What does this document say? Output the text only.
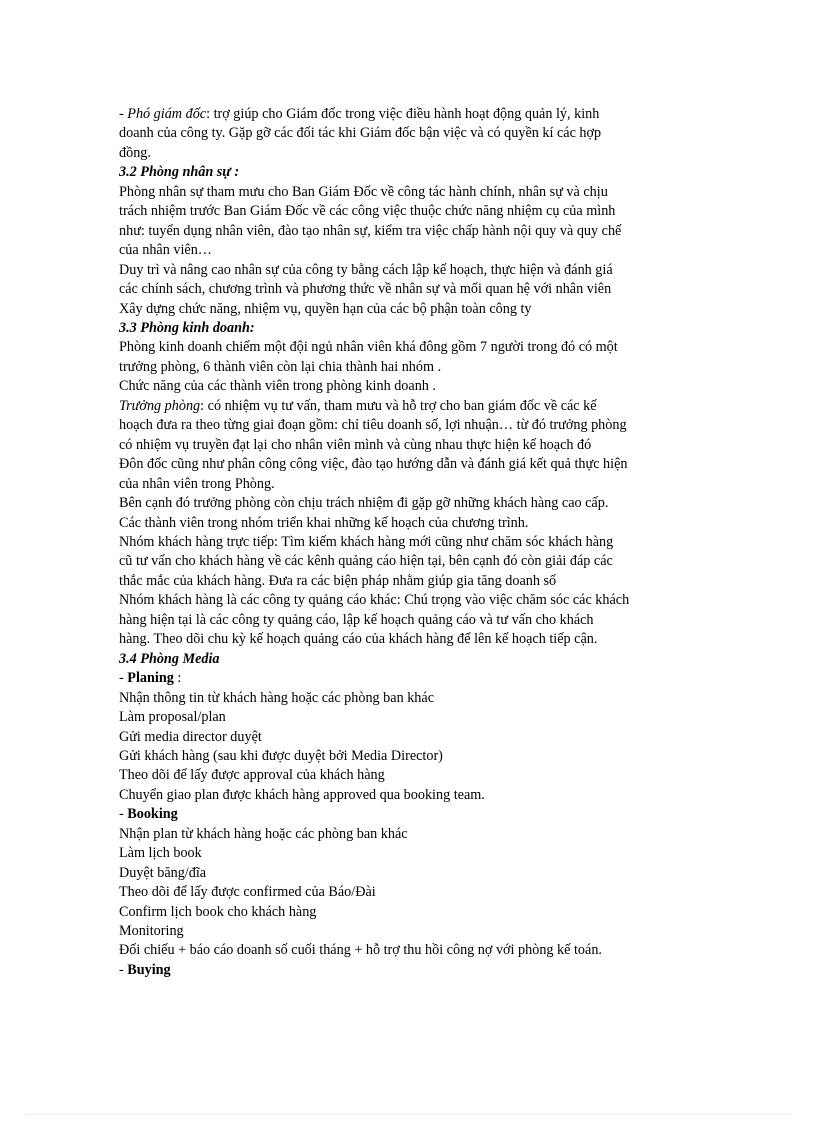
- Phó giám đốc: trợ giúp cho Giám đốc trong việc điều hành hoạt động quản lý, kinh

doanh của công ty. Gặp gỡ các đối tác khi Giám đốc bận việc và có quyền kí các hợp

đồng.

3.2 Phòng nhân sự :

Phòng nhân sự tham mưu cho Ban Giám Đốc về công tác hành chính, nhân sự và chịu

trách nhiệm trước Ban Giám Đốc về các công việc thuộc chức năng nhiệm cụ của mình

như: tuyển dụng nhân viên, đào tạo nhân sự, kiểm tra việc chấp hành nội quy và quy chế

của nhân viên…

Duy trì và nâng cao nhân sự của công ty bằng cách lập kế hoạch, thực hiện và đánh giá

các chính sách, chương trình và phương thức về nhân sự và mối quan hệ với nhân viên

Xây dựng chức năng, nhiệm vụ, quyền hạn của các bộ phận toàn công ty

3.3 Phòng kinh doanh:

Phòng kinh doanh chiếm một đội ngủ nhân viên khá đông gồm 7 người trong đó có một

trưởng phòng, 6 thành viên còn lại chia thành hai nhóm .

Chức năng của các thành viên trong phòng kinh doanh .

Trưởng phòng: có nhiệm vụ tư vấn, tham mưu và hỗ trợ cho ban giám đốc về các kế

hoạch đưa ra theo từng giai đoạn gồm: chỉ tiêu doanh số, lợi nhuận… từ đó trưởng phòng

có nhiệm vụ truyền đạt lại cho nhân viên mình và cùng nhau thực hiện kế hoạch đó

Đôn đốc cũng như phân công công việc, đào tạo hướng dẫn và đánh giá kết quả thực hiện

của nhân viên trong Phòng.

Bên cạnh đó trưởng phòng còn chịu trách nhiệm đi gặp gỡ những khách hàng cao cấp.

Các thành viên trong nhóm triển khai những kế hoạch của chương trình.

Nhóm khách hàng trực tiếp: Tìm kiếm khách hàng mới cũng như chăm sóc khách hàng

cũ tư vấn cho khách hàng về các kênh quảng cáo hiện tại, bên cạnh đó còn giải đáp các

thắc mắc của khách hàng. Đưa ra các biện pháp nhằm giúp gia tăng doanh số

Nhóm khách hàng là các công ty quảng cáo khác: Chú trọng vào việc chăm sóc các khách

hàng hiện tại là các công ty quảng cáo, lập kế hoạch quảng cáo và tư vấn cho khách

hàng. Theo dõi chu kỳ kế hoạch quảng cáo của khách hàng để lên kế hoạch tiếp cận.

3.4 Phòng Media

- Planing :

Nhận thông tin từ khách hàng hoặc các phòng ban khác

Làm proposal/plan

Gửi media director duyệt

Gửi khách hàng (sau khi được duyệt bởi Media Director)

Theo dõi để lấy được approval của khách hàng

Chuyển giao plan được khách hàng approved qua booking team.

- Booking

Nhận plan từ khách hàng hoặc các phòng ban khác

Làm lịch book

Duyệt băng/đĩa

Theo dõi để lấy được confirmed của Báo/Đài

Confirm lịch book cho khách hàng

Monitoring

Đối chiếu + báo cáo doanh số cuối tháng + hỗ trợ thu hồi công nợ với phòng kế toán.

- Buying
